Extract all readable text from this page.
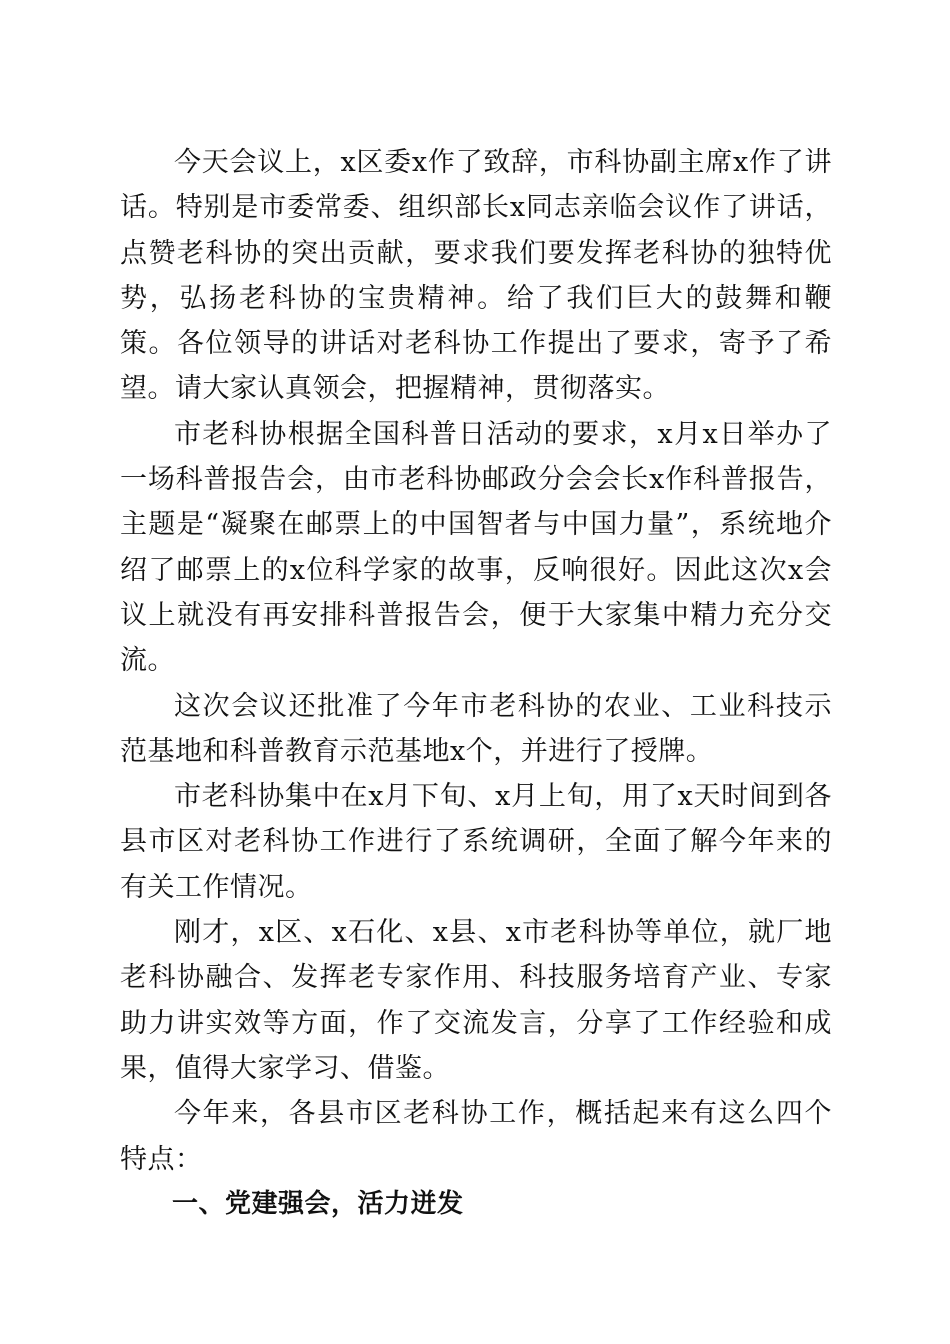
今天会议上，x区委x作了致辞，市科协副主席x作了讲话。特别是市委常委、组织部长x同志亲临会议作了讲话，点赞老科协的突出贡献，要求我们要发挥老科协的独特优势，弘扬老科协的宝贵精神。给了我们巨大的鼓舞和鞭策。各位领导的讲话对老科协工作提出了要求，寄予了希望。请大家认真领会，把握精神，贯彻落实。

市老科协根据全国科普日活动的要求，x月x日举办了一场科普报告会，由市老科协邮政分会会长x作科普报告，主题是“凝聚在邮票上的中国智者与中国力量”，系统地介绍了邮票上的x位科学家的故事，反响很好。因此这次x会议上就没有再安排科普报告会，便于大家集中精力充分交流。

这次会议还批准了今年市老科协的农业、工业科技示范基地和科普教育示范基地x个，并进行了授牌。

市老科协集中在x月下旬、x月上旬，用了x天时间到各县市区对老科协工作进行了系统调研，全面了解今年来的有关工作情况。

刚才，x区、x石化、x县、x市老科协等单位，就厂地老科协融合、发挥老专家作用、科技服务培育产业、专家助力讲实效等方面，作了交流发言，分享了工作经验和成果，值得大家学习、借鉴。

今年来，各县市区老科协工作，概括起来有这么四个特点：

一、党建强会，活力迸发
